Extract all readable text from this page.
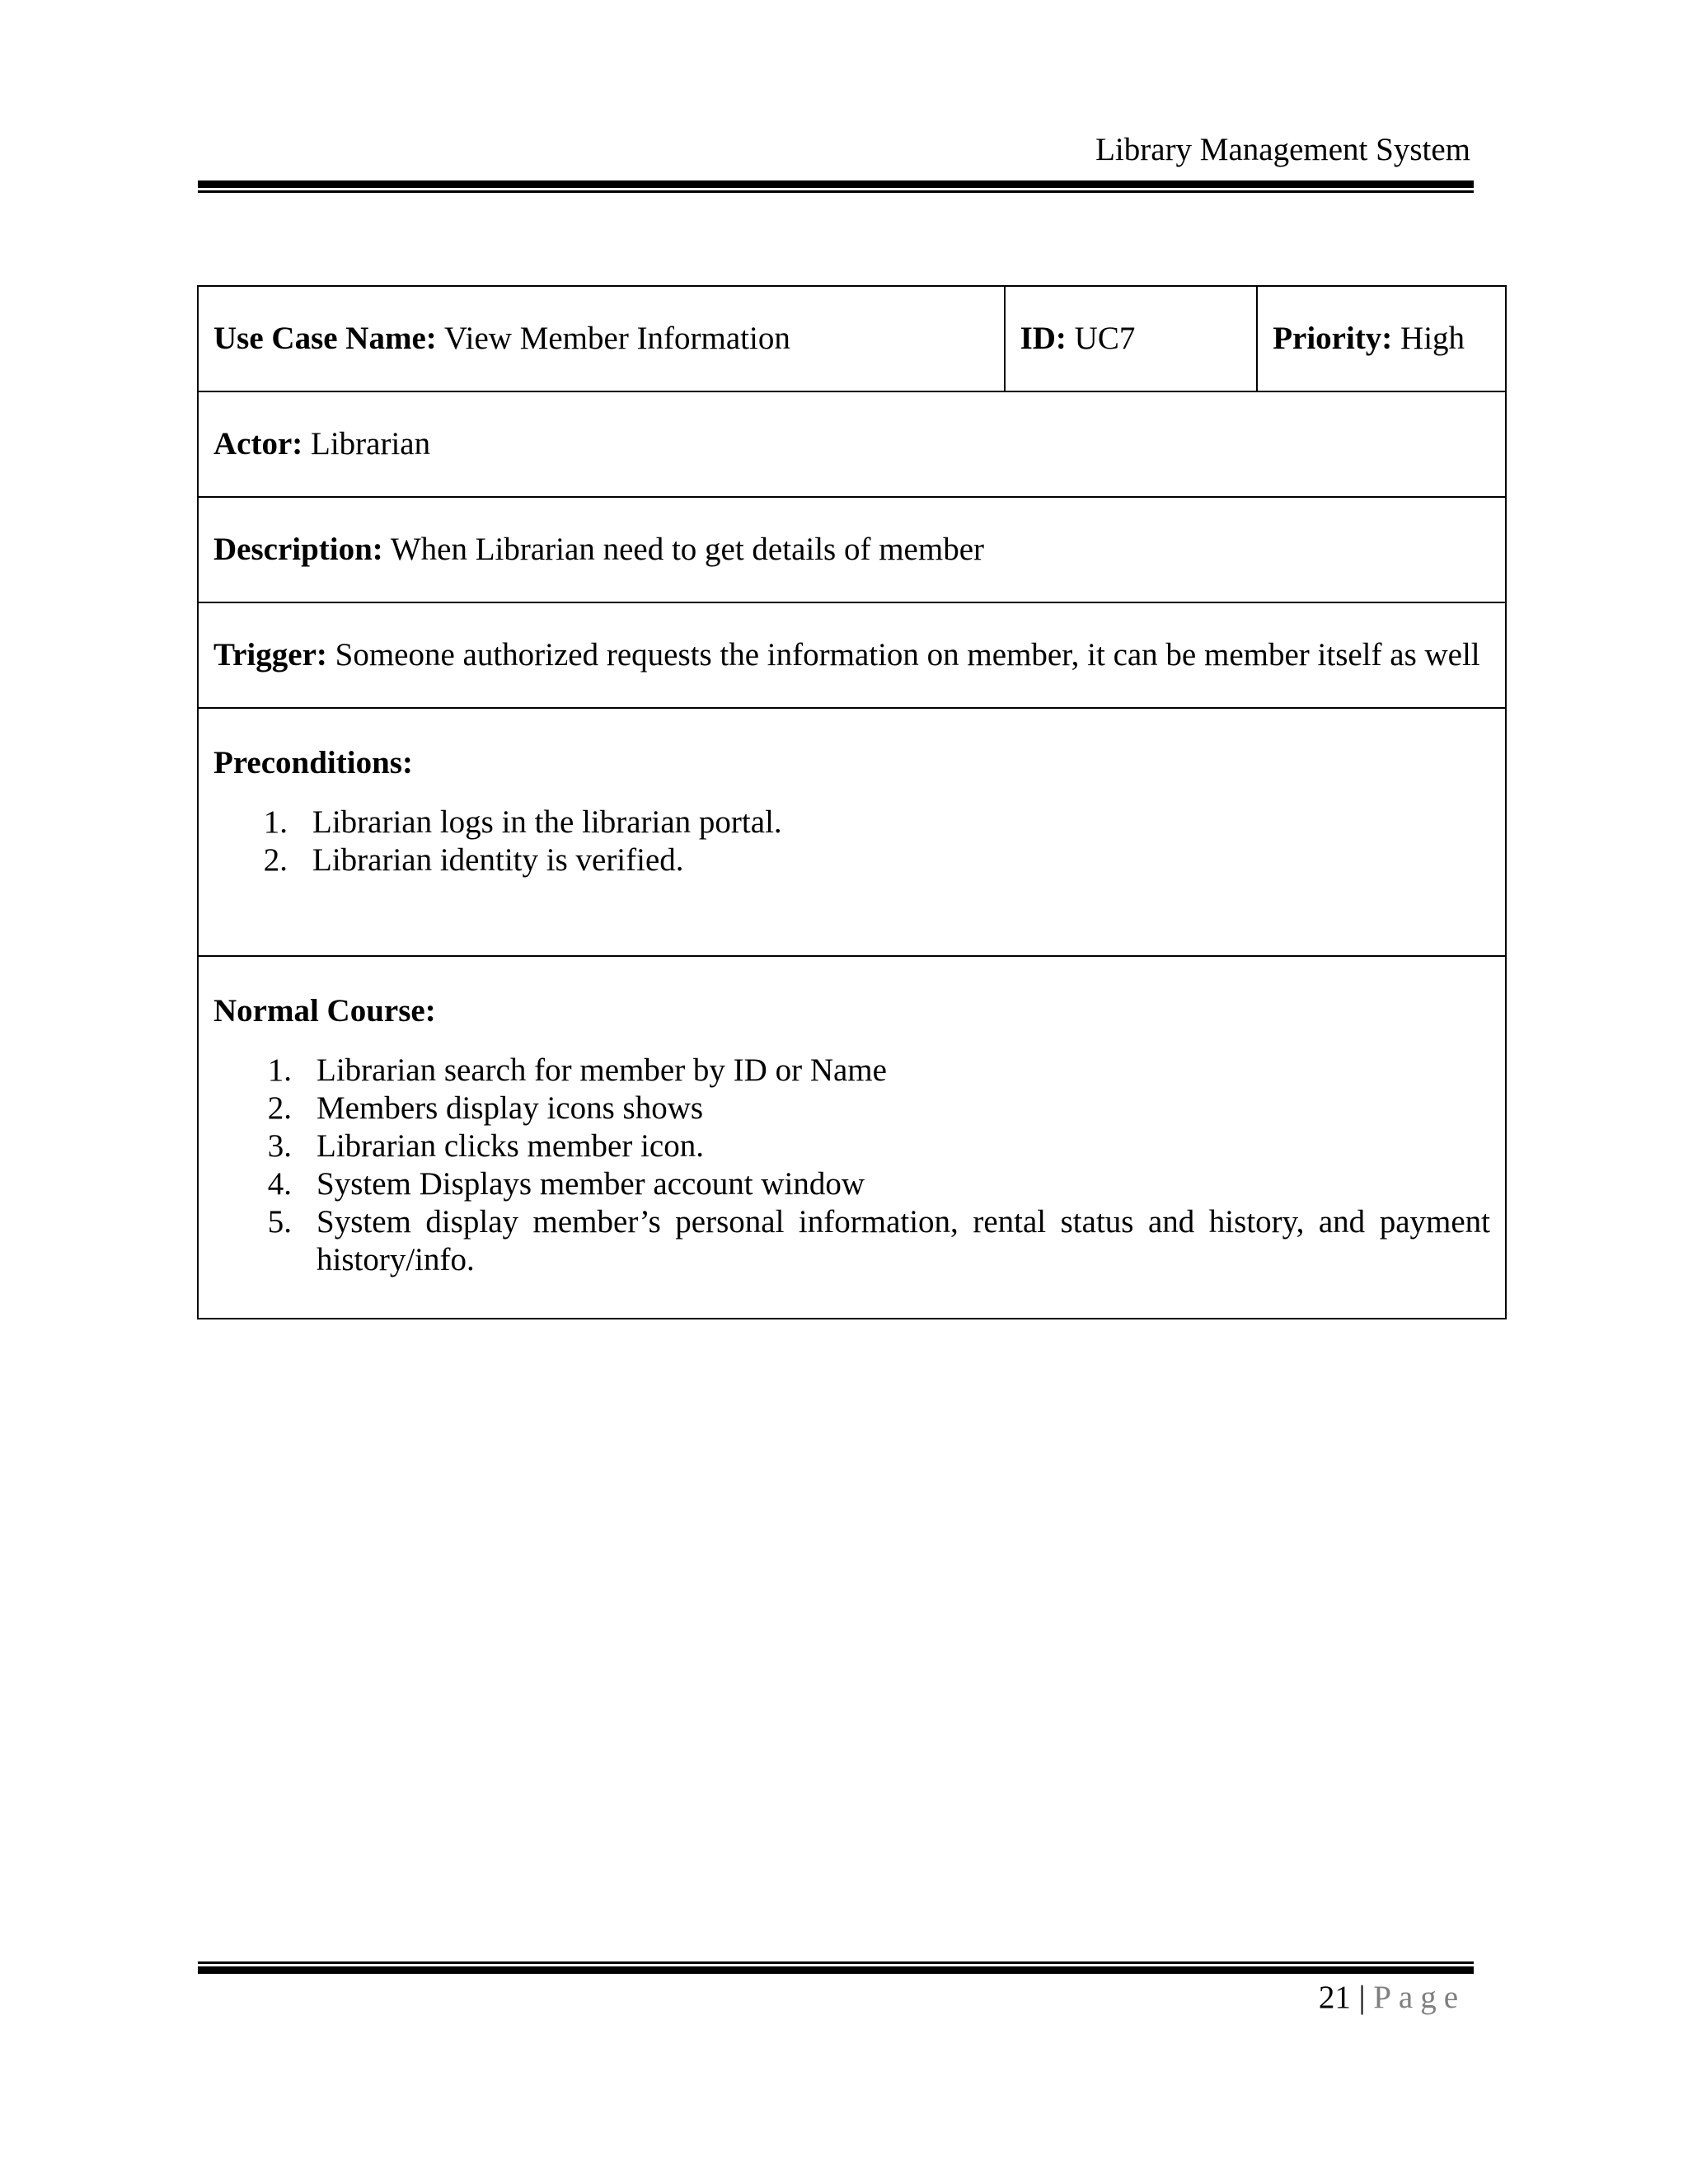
Library Management System
Use Case Name: View Member Information	ID: UC7	Priority: High
Actor: Librarian
Description: When Librarian need to get details of member
Trigger: Someone authorized requests the information on member, it can be member itself as well

Preconditions:
1. Librarian logs in the librarian portal.
2. Librarian identity is verified.

Normal Course:
1. Librarian search for member by ID or Name
2. Members display icons shows
3. Librarian clicks member icon.
4. System Displays member account window
5. System display member’s personal information, rental status and history, and payment history/info.
21 | Page
